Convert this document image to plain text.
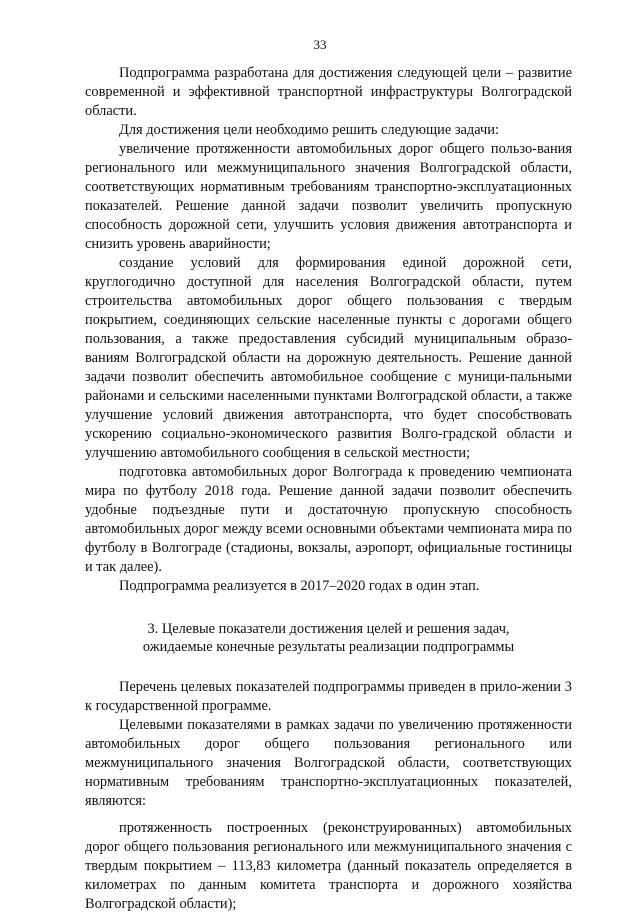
33

Подпрограмма разработана для достижения следующей цели – развитие современной и эффективной транспортной инфраструктуры Волгоградской области.

Для достижения цели необходимо решить следующие задачи:

увеличение протяженности автомобильных дорог общего пользо-вания регионального или межмуниципального значения Волгоградской области, соответствующих нормативным требованиям транспортно-эксплуатационных показателей. Решение данной задачи позволит увеличить пропускную способность дорожной сети, улучшить условия движения автотранспорта и снизить уровень аварийности;

создание условий для формирования единой дорожной сети, круглогодично доступной для населения Волгоградской области, путем строительства автомобильных дорог общего пользования с твердым покрытием, соединяющих сельские населенные пункты с дорогами общего пользования, а также предоставления субсидий муниципальным образо-ваниям Волгоградской области на дорожную деятельность. Решение данной задачи позволит обеспечить автомобильное сообщение с муници-пальными районами и сельскими населенными пунктами Волгоградской области, а также улучшение условий движения автотранспорта, что будет способствовать ускорению социально-экономического развития Волго-градской области и улучшению автомобильного сообщения в сельской местности;

подготовка автомобильных дорог Волгограда к проведению чемпионата мира по футболу 2018 года. Решение данной задачи позволит обеспечить удобные подъездные пути и достаточную пропускную способность автомобильных дорог между всеми основными объектами чемпионата мира по футболу в Волгограде (стадионы, вокзалы, аэропорт, официальные гостиницы и так далее).

Подпрограмма реализуется в 2017–2020 годах в один этап.

3. Целевые показатели достижения целей и решения задач,
ожидаемые конечные результаты реализации подпрограммы

Перечень целевых показателей подпрограммы приведен в прило-жении 3 к государственной программе.

Целевыми показателями в рамках задачи по увеличению протяженности автомобильных дорог общего пользования регионального или межмуниципального значения Волгоградской области, соответствующих нормативным требованиям транспортно-эксплуатационных показателей, являются:

протяженность построенных (реконструированных) автомобильных дорог общего пользования регионального или межмуниципального значения с твердым покрытием – 113,83 километра (данный показатель определяется в километрах по данным комитета транспорта и дорожного хозяйства Волгоградской области);
